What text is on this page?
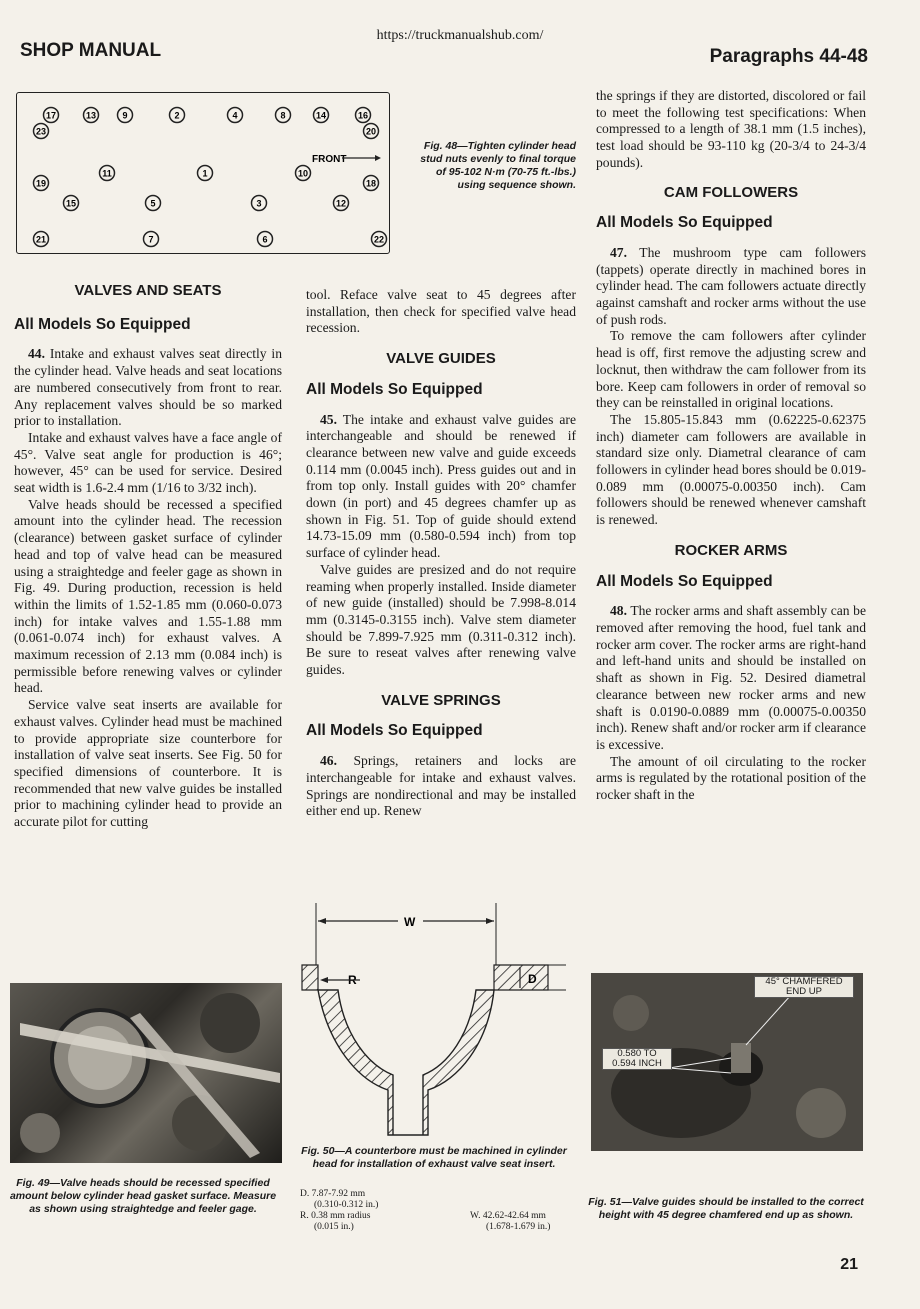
SHOP MANUAL
https://truckmanualshub.com/
Paragraphs 44-48
17	13	9	2	4	8	14	16
23	20
11	1	10
19	18
15	5	3	12
21	7	6	22
FRONT
Fig. 48—Tighten cylinder head stud nuts evenly to final torque of 95-102 N·m (70-75 ft.-lbs.) using sequence shown.

VALVES AND SEATS

All Models So Equipped

44. Intake and exhaust valves seat directly in the cylinder head. Valve heads and seat locations are numbered consecutively from front to rear. Any replacement valves should be so marked prior to installation.

Intake and exhaust valves have a face angle of 45°. Valve seat angle for production is 46°; however, 45° can be used for service. Desired seat width is 1.6-2.4 mm (1/16 to 3/32 inch).

Valve heads should be recessed a specified amount into the cylinder head. The recession (clearance) between gasket surface of cylinder head and top of valve head can be measured using a straightedge and feeler gage as shown in Fig. 49. During production, recession is held within the limits of 1.52-1.85 mm (0.060-0.073 inch) for intake valves and 1.55-1.88 mm (0.061-0.074 inch) for exhaust valves. A maximum recession of 2.13 mm (0.084 inch) is permissible before renewing valves or cylinder head.

Service valve seat inserts are available for exhaust valves. Cylinder head must be machined to provide appropriate size counterbore for installation of valve seat inserts. See Fig. 50 for specified dimensions of counterbore. It is recommended that new valve guides be installed prior to machining cylinder head to provide an accurate pilot for cutting

tool. Reface valve seat to 45 degrees after installation, then check for specified valve head recession.

VALVE GUIDES

All Models So Equipped

45. The intake and exhaust valve guides are interchangeable and should be renewed if clearance between new valve and guide exceeds 0.114 mm (0.0045 inch). Press guides out and in from top only. Install guides with 20° chamfer down (in port) and 45 degrees chamfer up as shown in Fig. 51. Top of guide should extend 14.73-15.09 mm (0.580-0.594 inch) from top surface of cylinder head.

Valve guides are presized and do not require reaming when properly installed. Inside diameter of new guide (installed) should be 7.998-8.014 mm (0.3145-0.3155 inch). Valve stem diameter should be 7.899-7.925 mm (0.311-0.312 inch). Be sure to reseat valves after renewing valve guides.

VALVE SPRINGS

All Models So Equipped

46. Springs, retainers and locks are interchangeable for intake and exhaust valves. Springs are nondirectional and may be installed either end up. Renew

the springs if they are distorted, discolored or fail to meet the following test specifications: When compressed to a length of 38.1 mm (1.5 inches), test load should be 93-110 kg (20-3/4 to 24-3/4 pounds).

CAM FOLLOWERS

All Models So Equipped

47. The mushroom type cam followers (tappets) operate directly in machined bores in cylinder head. The cam followers actuate directly against camshaft and rocker arms without the use of push rods.

To remove the cam followers after cylinder head is off, first remove the adjusting screw and locknut, then withdraw the cam follower from its bore. Keep cam followers in order of removal so they can be reinstalled in original locations.

The 15.805-15.843 mm (0.62225-0.62375 inch) diameter cam followers are available in standard size only. Diametral clearance of cam followers in cylinder head bores should be 0.019-0.089 mm (0.00075-0.00350 inch). Cam followers should be renewed whenever camshaft is renewed.

ROCKER ARMS

All Models So Equipped

48. The rocker arms and shaft assembly can be removed after removing the hood, fuel tank and rocker arm cover. The rocker arms are right-hand and left-hand units and should be installed on shaft as shown in Fig. 52. Desired diametral clearance between new rocker arms and new shaft is 0.0190-0.0889 mm (0.00075-0.00350 inch). Renew shaft and/or rocker arm if clearance is excessive.

The amount of oil circulating to the rocker arms is regulated by the rotational position of the rocker shaft in the

Fig. 49—Valve heads should be recessed specified amount below cylinder head gasket surface. Measure as shown using straightedge and feeler gage.
W
D
R
Fig. 50—A counterbore must be machined in cylinder head for installation of exhaust valve seat insert.
D. 7.87-7.92 mm
(0.310-0.312 in.)
R. 0.38 mm radius
(0.015 in.)
W. 42.62-42.64 mm
(1.678-1.679 in.)
45° CHAMFERED
END UP
0.580 TO
0.594 INCH
Fig. 51—Valve guides should be installed to the correct height with 45 degree chamfered end up as shown.
21
